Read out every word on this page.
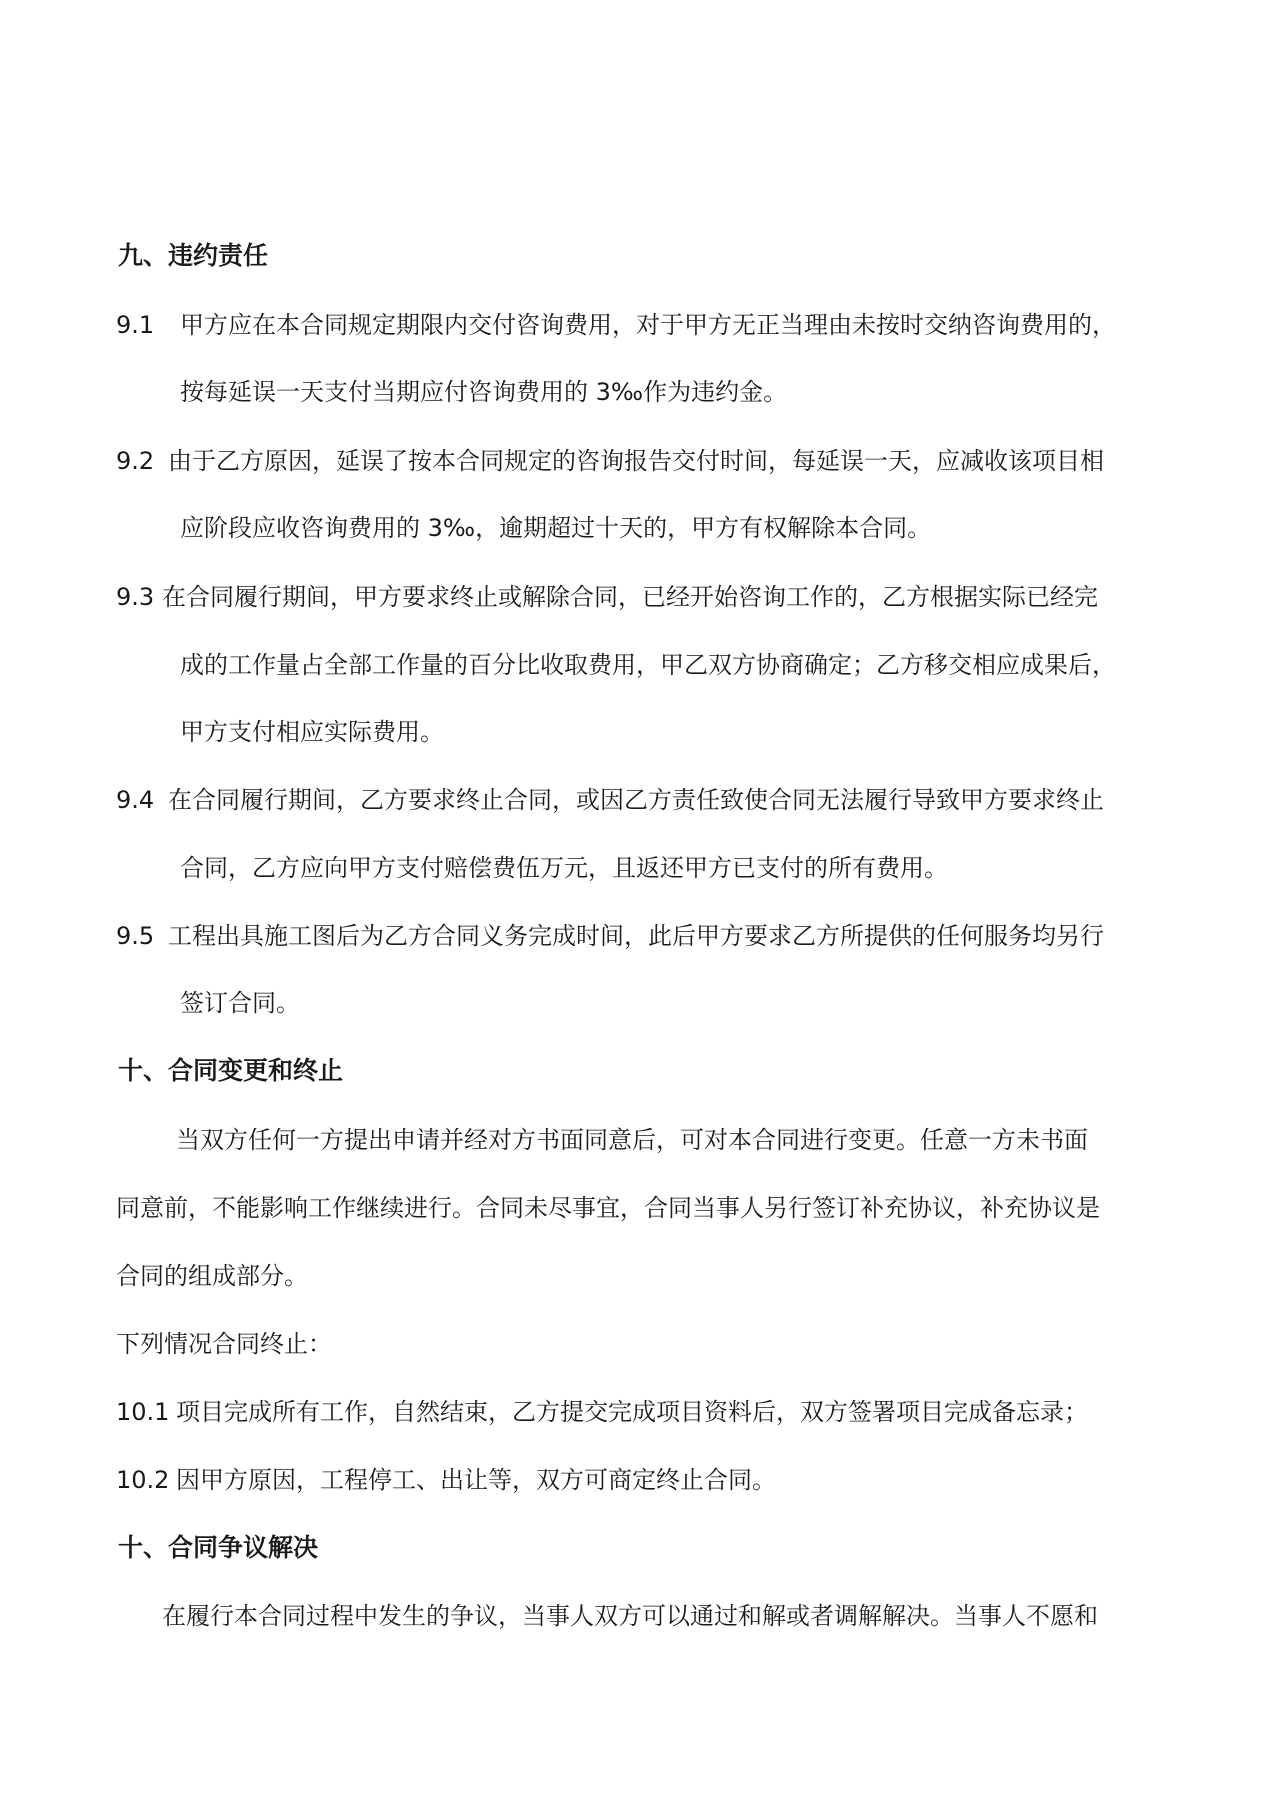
九、违约责任
9.1 甲方应在本合同规定期限内交付咨询费用，对于甲方无正当理由未按时交纳咨询费用的，
按每延误一天支付当期应付咨询费用的 3‰作为违约金。
9.2 由于乙方原因，延误了按本合同规定的咨询报告交付时间，每延误一天，应减收该项目相
应阶段应收咨询费用的 3‰，逾期超过十天的，甲方有权解除本合同。
9.3 在合同履行期间，甲方要求终止或解除合同，已经开始咨询工作的，乙方根据实际已经完
成的工作量占全部工作量的百分比收取费用，甲乙双方协商确定；乙方移交相应成果后，
甲方支付相应实际费用。
9.4 在合同履行期间，乙方要求终止合同，或因乙方责任致使合同无法履行导致甲方要求终止
合同，乙方应向甲方支付赔偿费伍万元，且返还甲方已支付的所有费用。
9.5 工程出具施工图后为乙方合同义务完成时间，此后甲方要求乙方所提供的任何服务均另行
签订合同。
十、合同变更和终止
当双方任何一方提出申请并经对方书面同意后，可对本合同进行变更。任意一方未书面
同意前，不能影响工作继续进行。合同未尽事宜，合同当事人另行签订补充协议，补充协议是
合同的组成部分。
下列情况合同终止：
10.1 项目完成所有工作，自然结束，乙方提交完成项目资料后，双方签署项目完成备忘录；
10.2 因甲方原因，工程停工、出让等，双方可商定终止合同。
十、合同争议解决
在履行本合同过程中发生的争议，当事人双方可以通过和解或者调解解决。当事人不愿和
